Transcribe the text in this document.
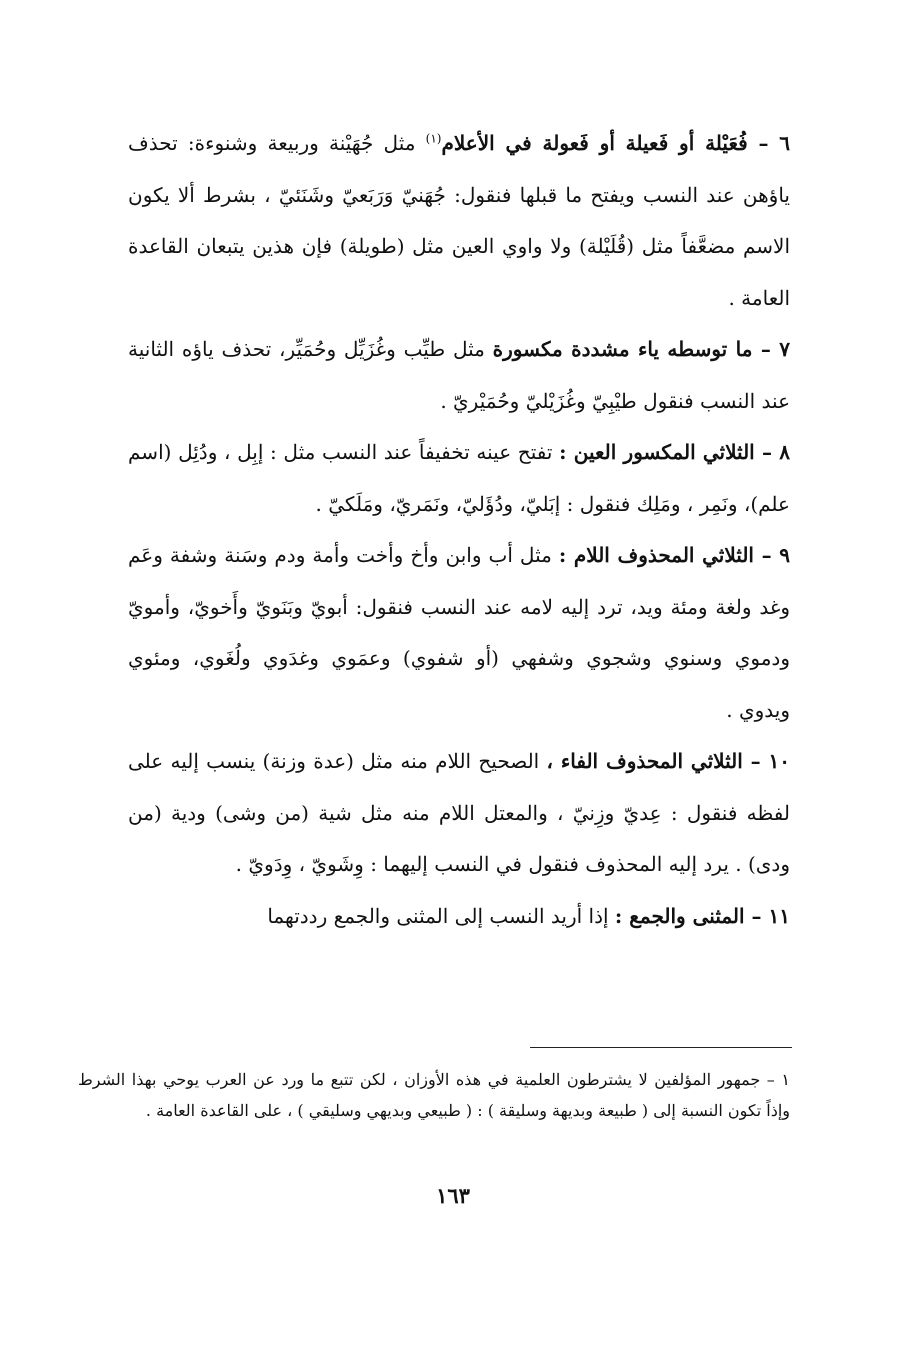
٦ – فُعَيْلة أو فَعيلة أو فَعولة في الأعلام$^{(١)}$ مثل جُهَيْنة وربيعة وشنوءة: تحذف ياؤهن عند النسب ويفتح ما قبلها فنقول: جُهَنيّ وَرَبَعيّ وشَنَئيّ ، بشرط ألا يكون الاسم مضعَّفاً مثل (قُلَيْلة) ولا واوي العين مثل (طويلة) فإن هذين يتبعان القاعدة العامة .

٧ – ما توسطه ياء مشددة مكسورة مثل طيِّب وغُزَيِّل وحُمَيِّر، تحذف ياؤه الثانية عند النسب فنقول طيْبِيّ وغُزَيْليّ وحُمَيْريّ .

٨ – الثلاثي المكسور العين : تفتح عينه تخفيفاً عند النسب مثل : إبِل ، ودُئِل (اسم علم)، ونَمِر ، ومَلِك فنقول : إبَليّ، ودُؤَليّ، ونَمَريّ، ومَلَكيّ .

٩ – الثلاثي المحذوف اللام : مثل أب وابن وأخ وأخت وأمة ودم وسَنة وشفة وعَم وغد ولغة ومئة ويد، ترد إليه لامه عند النسب فنقول: أبويّ وبَنَويّ وأَخويّ، وأمويّ ودموي وسنوي وشجوي وشفهي (أو شفوي) وعمَوي وغدَوي ولُغَوي، ومئوي ويدوي .

١٠ – الثلاثي المحذوف الفاء ، الصحيح اللام منه مثل (عدة وزنة) ينسب إليه على لفظه فنقول : عِديّ وزِنيّ ، والمعتل اللام منه مثل شية (من وشى) ودية (من ودى) . يرد إليه المحذوف فنقول في النسب إليهما : وِشَويّ ، وِدَويّ .

١١ – المثنى والجمع : إذا أريد النسب إلى المثنى والجمع رددتهما

١ – جمهور المؤلفين لا يشترطون العلمية في هذه الأوزان ، لكن تتبع ما ورد عن العرب يوحي بهذا الشرط وإذاً تكون النسبة إلى ( طبيعة وبديهة وسليقة ) : ( طبيعي وبديهي وسليقي ) ، على القاعدة العامة .

١٦٣
